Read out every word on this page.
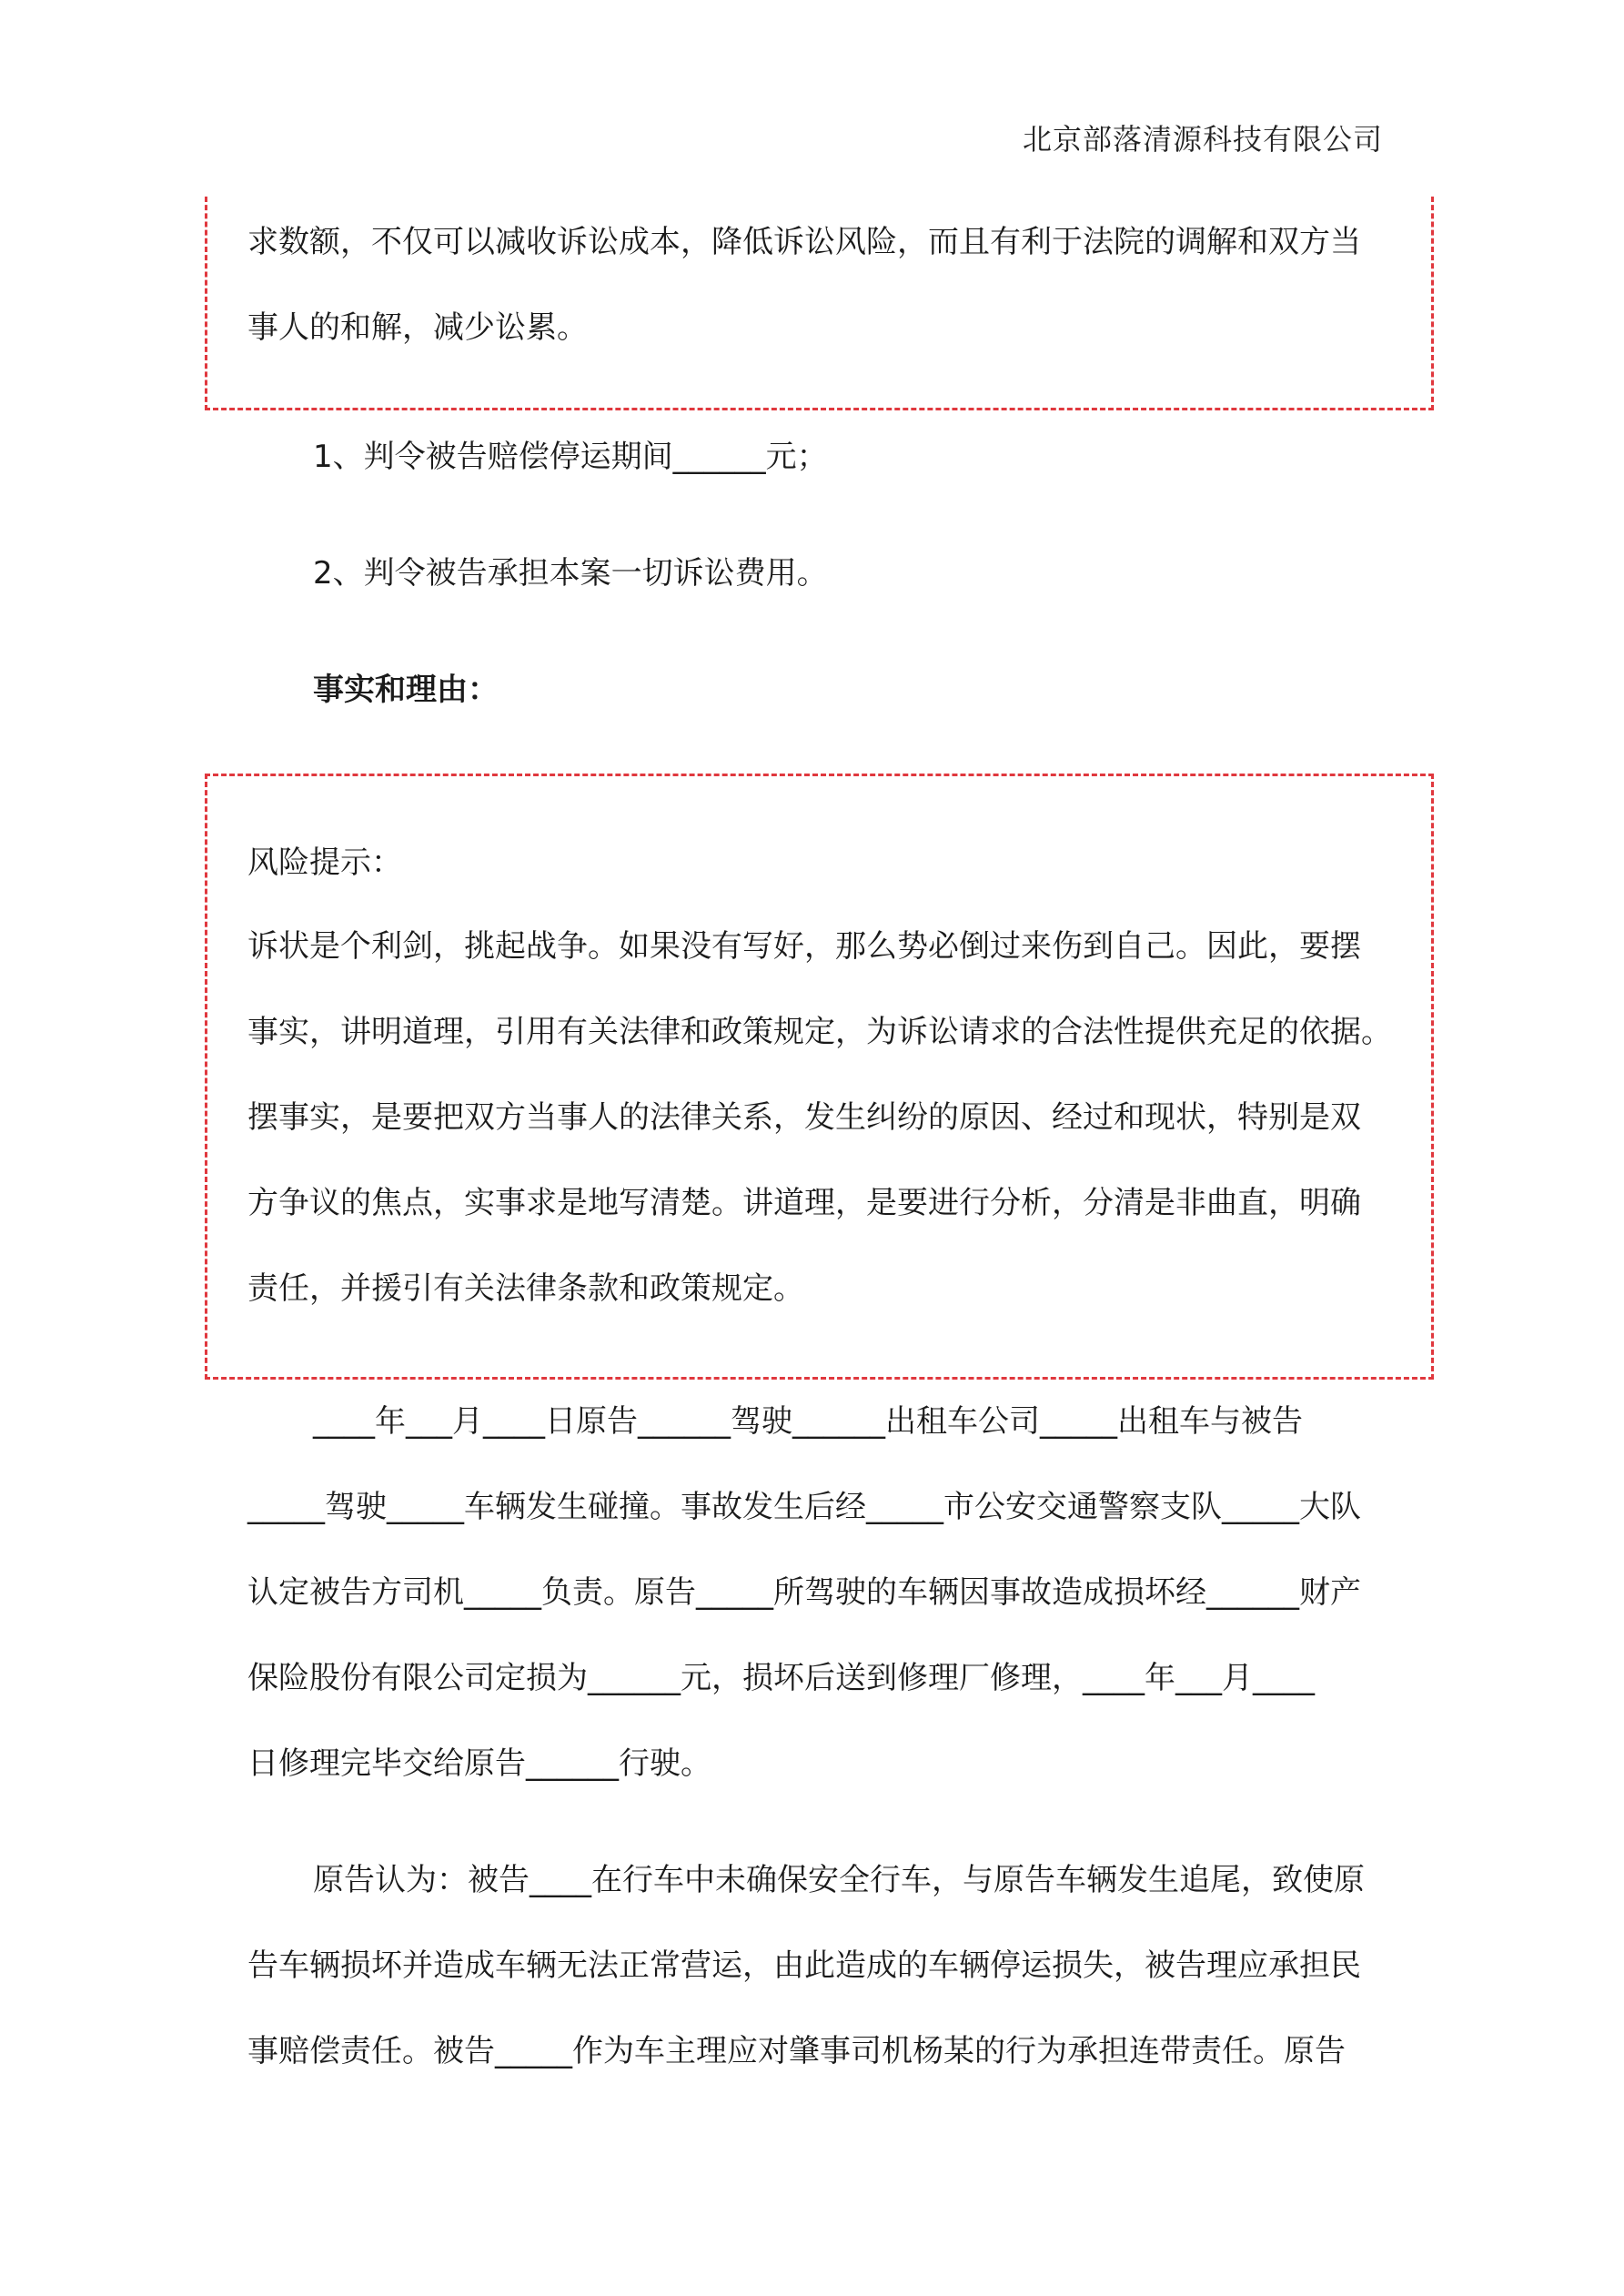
北京部落清源科技有限公司
求数额，不仅可以减收诉讼成本，降低诉讼风险，而且有利于法院的调解和双方当
事人的和解，减少讼累。
1、判令被告赔偿停运期间______元；
2、判令被告承担本案一切诉讼费用。
事实和理由：
风险提示：
诉状是个利剑，挑起战争。如果没有写好，那么势必倒过来伤到自己。因此，要摆
事实，讲明道理，引用有关法律和政策规定，为诉讼请求的合法性提供充足的依据。
摆事实，是要把双方当事人的法律关系，发生纠纷的原因、经过和现状，特别是双
方争议的焦点，实事求是地写清楚。讲道理，是要进行分析，分清是非曲直，明确
责任，并援引有关法律条款和政策规定。
____年___月____日原告______驾驶______出租车公司_____出租车与被告
_____驾驶_____车辆发生碰撞。事故发生后经_____市公安交通警察支队_____大队
认定被告方司机_____负责。原告_____所驾驶的车辆因事故造成损坏经______财产
保险股份有限公司定损为______元，损坏后送到修理厂修理，____年___月____
日修理完毕交给原告______行驶。
原告认为：被告____在行车中未确保安全行车，与原告车辆发生追尾，致使原
告车辆损坏并造成车辆无法正常营运，由此造成的车辆停运损失，被告理应承担民
事赔偿责任。被告_____作为车主理应对肇事司机杨某的行为承担连带责任。原告
